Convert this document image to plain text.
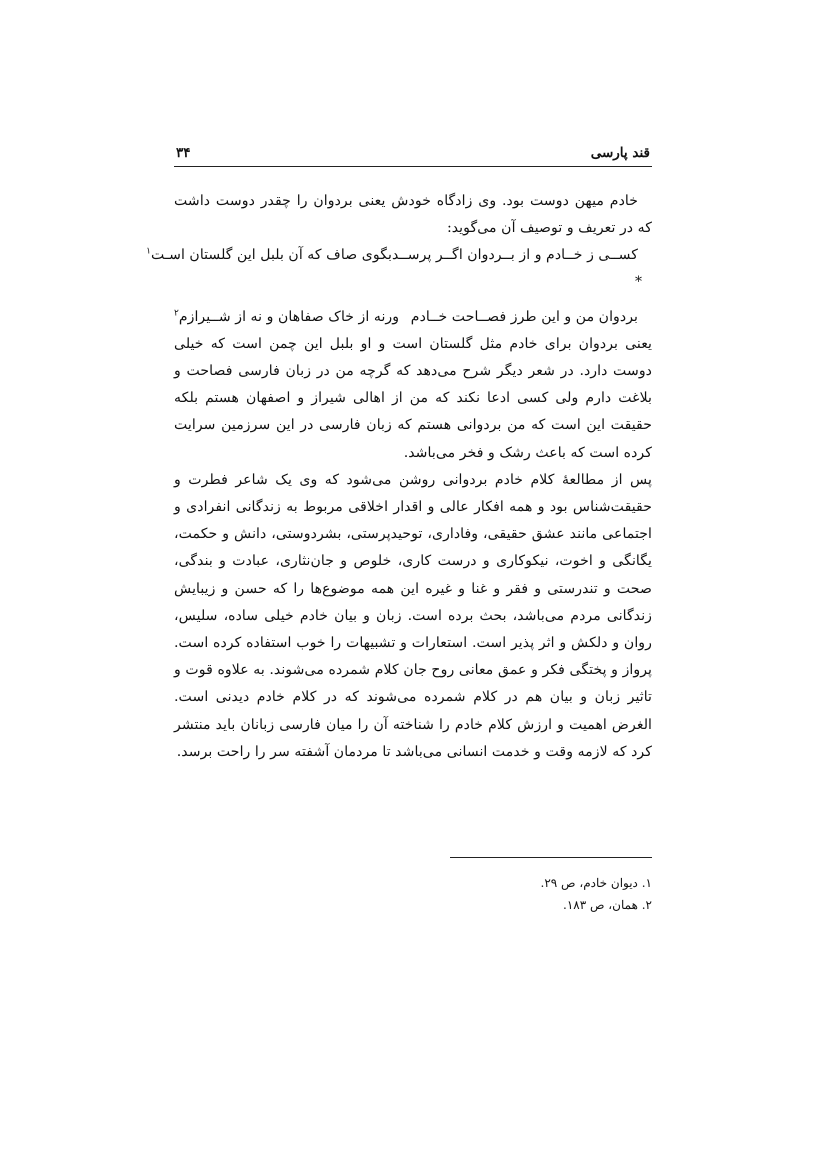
قند پارسی
۳۴

خادم میهن دوست بود. وی زادگاه خودش یعنی بردوان را چقدر دوست داشت که در تعریف و توصیف آن می‌گوید:

کســی ز خــادم و از بــردوان اگــر پرســد
بگوی صاف که آن بلبل این گلستان اسـت$^۱$
*
بردوان من و این طرز فصــاحت خــادم
ورنه از خاک صفاهان و نه از شــیرازم$^۲$

یعنی بردوان برای خادم مثل گلستان است و او بلبل این چمن است که خیلی دوست دارد. در شعر دیگر شرح می‌دهد که گرچه من در زبان فارسی فصاحت و بلاغت دارم ولی کسی ادعا نکند که من از اهالی شیراز و اصفهان هستم بلکه حقیقت این است که من بردوانی هستم که زبان فارسی در این سرزمین سرایت کرده است که باعث رشک و فخر می‌باشد.

پس از مطالعهٔ کلام خادم بردوانی روشن می‌شود که وی یک شاعر فطرت و حقیقت‌شناس بود و همه افکار عالی و اقدار اخلاقی مربوط به زندگانی انفرادی و اجتماعی مانند عشق حقیقی، وفاداری، توحیدپرستی، بشردوستی، دانش و حکمت، یگانگی و اخوت، نیکوکاری و درست کاری، خلوص و جان‌نثاری، عبادت و بندگی، صحت و تندرستی و فقر و غنا و غیره این همه موضوع‌ها را که حسن و زیبایش زندگانی مردم می‌باشد، بحث برده است. زبان و بیان خادم خیلی ساده، سلیس، روان و دلکش و اثر پذیر است. استعارات و تشبیهات را خوب استفاده کرده است. پرواز و پختگی فکر و عمق معانی روح جان کلام شمرده می‌شوند. به علاوه قوت و تاثیر زبان و بیان هم در کلام شمرده می‌شوند که در کلام خادم دیدنی است. الغرض اهمیت و ارزش کلام خادم را شناخته آن را میان فارسی زبانان باید منتشر کرد که لازمه وقت و خدمت انسانی می‌باشد تا مردمان آشفته سر را راحت برسد.

۱. دیوان خادم، ص ۲۹.

۲. همان، ص ۱۸۳.
